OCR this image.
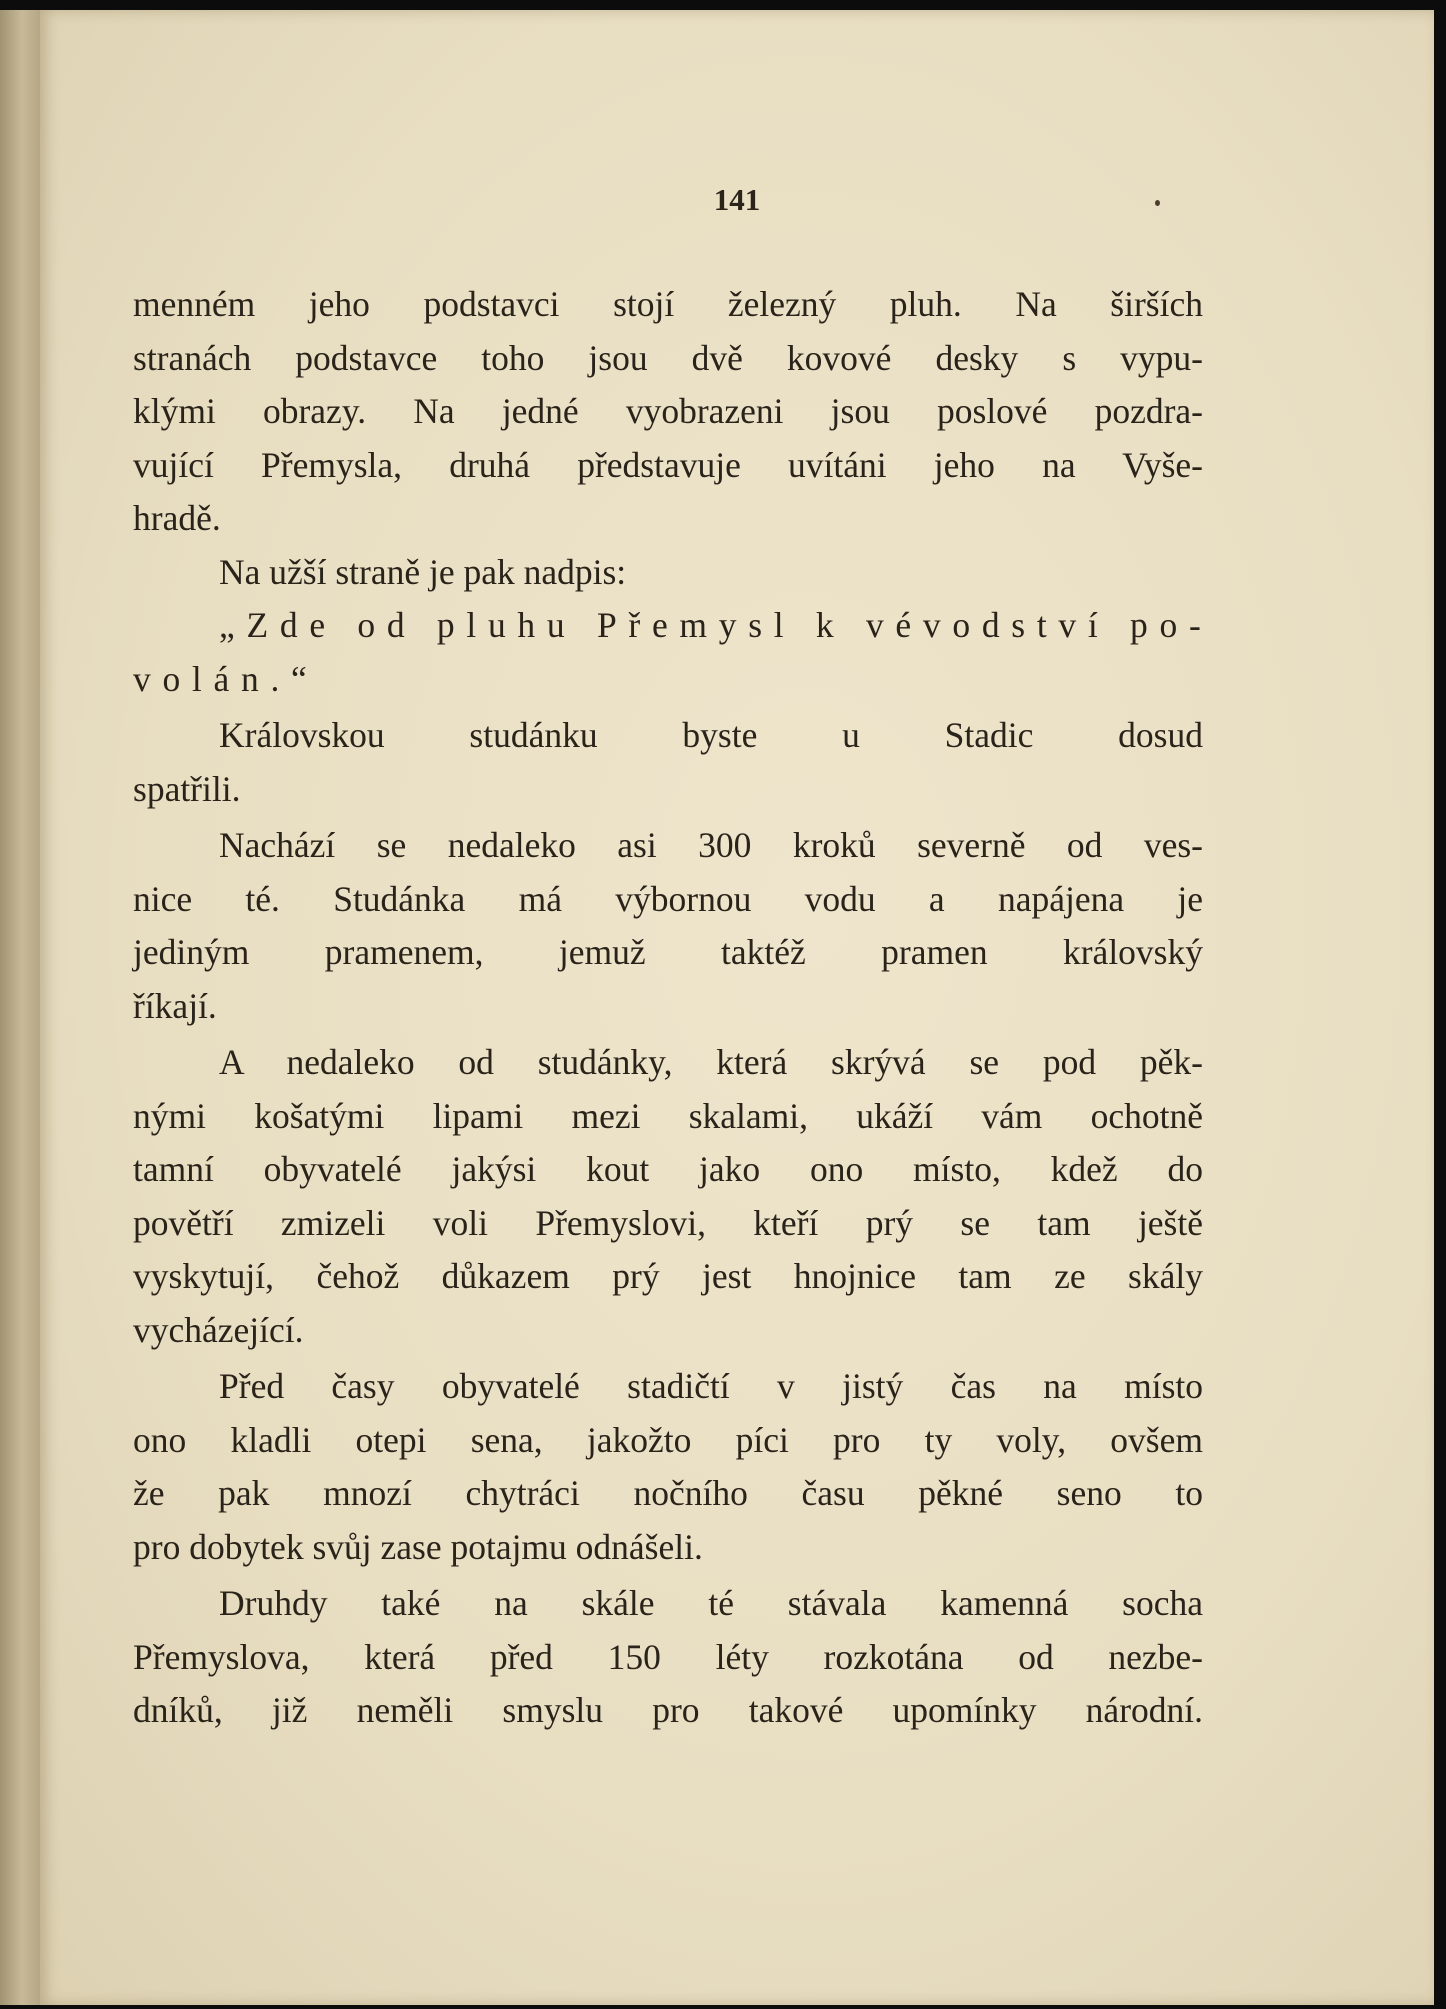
141
menném jeho podstavci stojí železný pluh. Na širších
stranách podstavce toho jsou dvě kovové desky s vypu-
klými obrazy. Na jedné vyobrazeni jsou poslové pozdra-
vující Přemysla, druhá představuje uvítáni jeho na Vyše-
hradě.
Na užší straně je pak nadpis:
„Zde od pluhu Přemysl k vévodství po-
volán.“
Královskou studánku byste u Stadic dosud
spatřili.
Nachází se nedaleko asi 300 kroků severně od ves-
nice té. Studánka má výbornou vodu a napájena je
jediným pramenem, jemuž taktéž pramen královský
říkají.
A nedaleko od studánky, která skrývá se pod pěk-
nými košatými lipami mezi skalami, ukáží vám ochotně
tamní obyvatelé jakýsi kout jako ono místo, kdež do
povětří zmizeli voli Přemyslovi, kteří prý se tam ještě
vyskytují, čehož důkazem prý jest hnojnice tam ze skály
vycházející.
Před časy obyvatelé stadičtí v jistý čas na místo
ono kladli otepi sena, jakožto píci pro ty voly, ovšem
že pak mnozí chytráci nočního času pěkné seno to
pro dobytek svůj zase potajmu odnášeli.
Druhdy také na skále té stávala kamenná socha
Přemyslova, která před 150 léty rozkotána od nezbe-
dníků, již neměli smyslu pro takové upomínky národní.
